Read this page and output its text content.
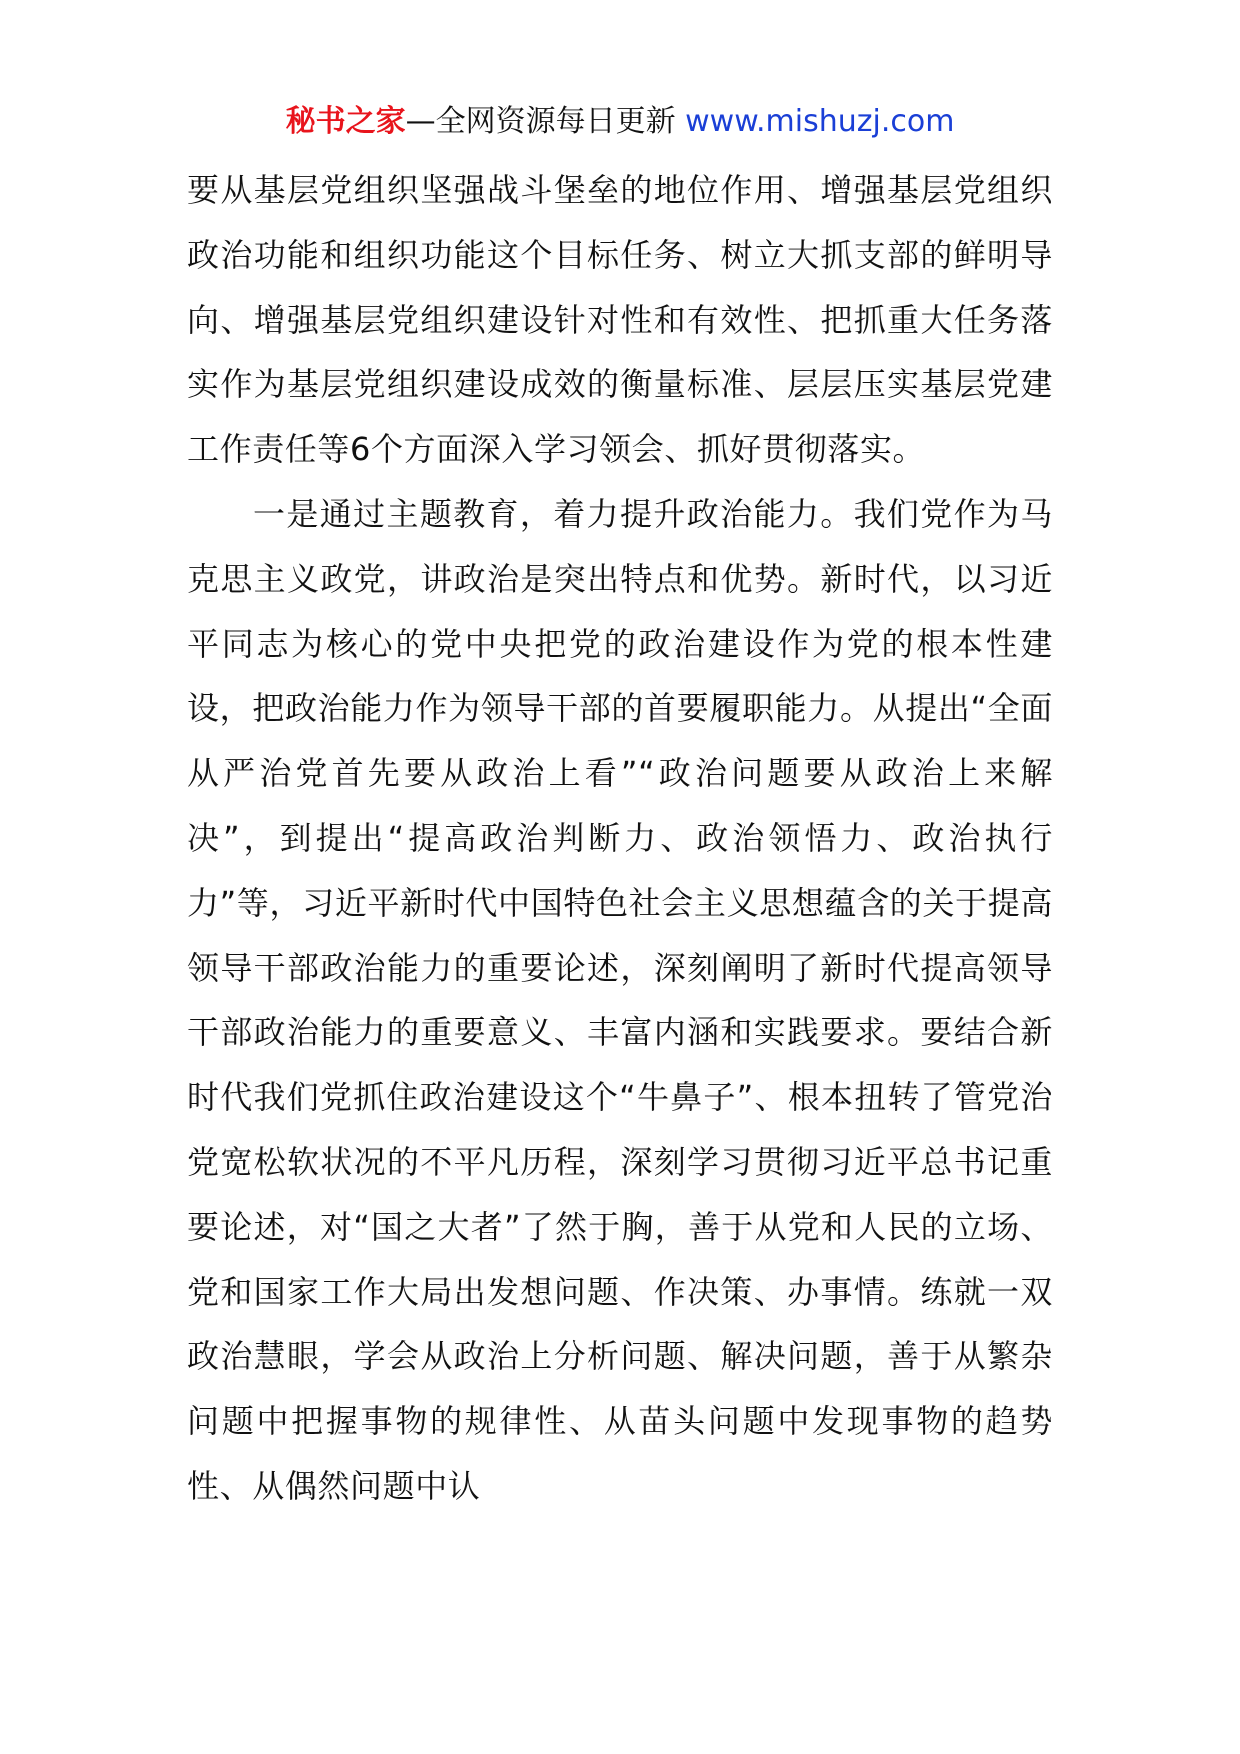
秘书之家—全网资源每日更新 www.mishuzj.com

要从基层党组织坚强战斗堡垒的地位作用、增强基层党组织政治功能和组织功能这个目标任务、树立大抓支部的鲜明导向、增强基层党组织建设针对性和有效性、把抓重大任务落实作为基层党组织建设成效的衡量标准、层层压实基层党建工作责任等6个方面深入学习领会、抓好贯彻落实。

一是通过主题教育，着力提升政治能力。我们党作为马克思主义政党，讲政治是突出特点和优势。新时代，以习近平同志为核心的党中央把党的政治建设作为党的根本性建设，把政治能力作为领导干部的首要履职能力。从提出“全面从严治党首先要从政治上看”“政治问题要从政治上来解决”，到提出“提高政治判断力、政治领悟力、政治执行力”等，习近平新时代中国特色社会主义思想蕴含的关于提高领导干部政治能力的重要论述，深刻阐明了新时代提高领导干部政治能力的重要意义、丰富内涵和实践要求。要结合新时代我们党抓住政治建设这个“牛鼻子”、根本扭转了管党治党宽松软状况的不平凡历程，深刻学习贯彻习近平总书记重要论述，对“国之大者”了然于胸，善于从党和人民的立场、党和国家工作大局出发想问题、作决策、办事情。练就一双政治慧眼，学会从政治上分析问题、解决问题，善于从繁杂问题中把握事物的规律性、从苗头问题中发现事物的趋势性、从偶然问题中认
